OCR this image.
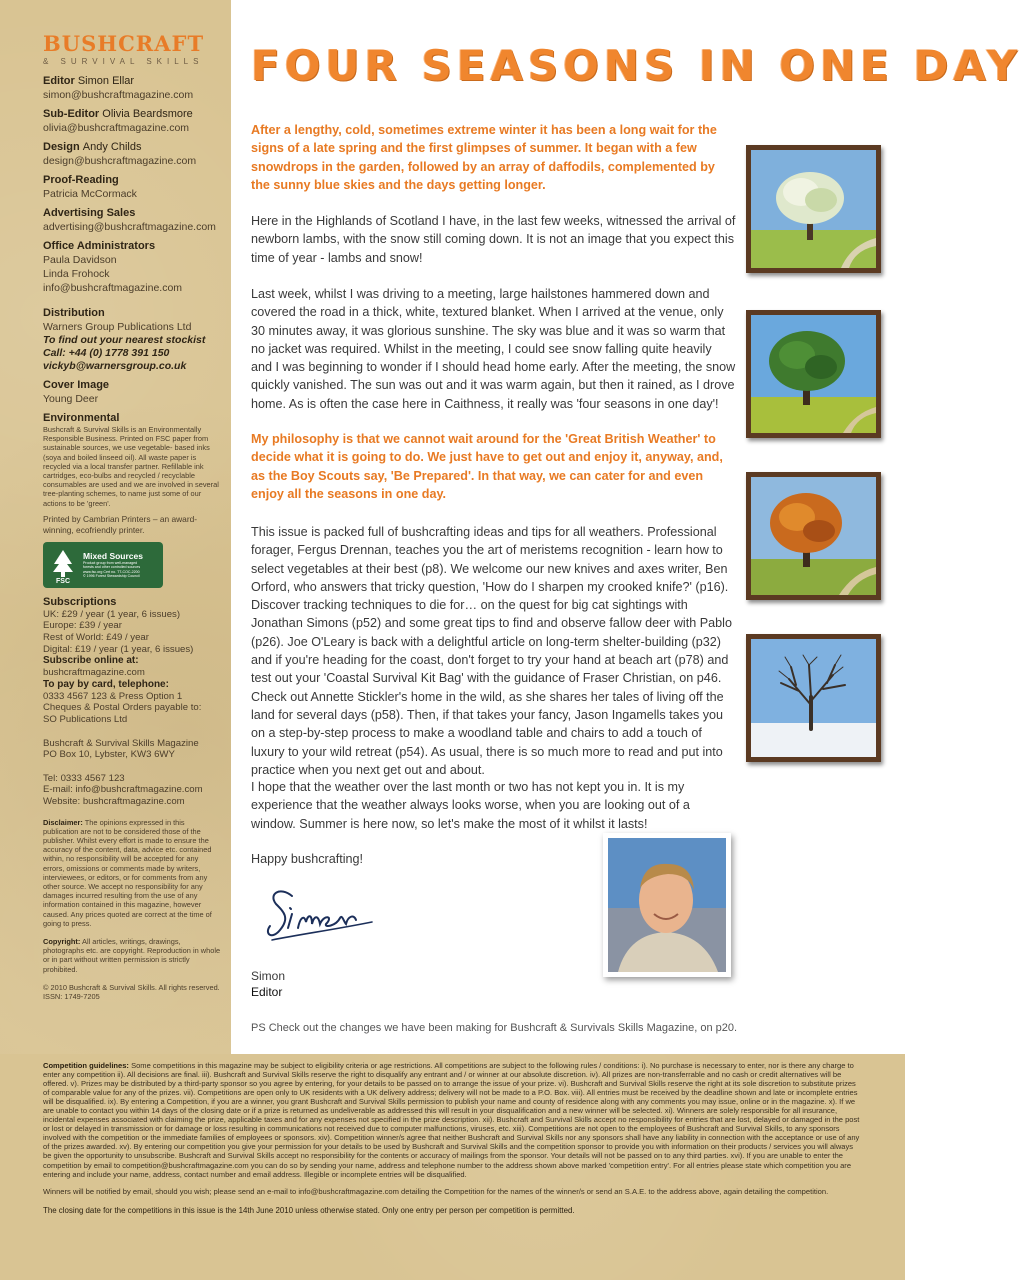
BUSHCRAFT
& SURVIVAL SKILLS
Editor Simon Ellar
simon@bushcraftmagazine.com
Sub-Editor Olivia Beardsmore
olivia@bushcraftmagazine.com
Design Andy Childs
design@bushcraftmagazine.com
Proof-Reading
Patricia McCormack
Advertising Sales
advertising@bushcraftmagazine.com
Office Administrators
Paula Davidson
Linda Frohock
info@bushcraftmagazine.com
Distribution
Warners Group Publications Ltd
To find out your nearest stockist
Call: +44 (0) 1778 391 150
vickyb@warnersgroup.co.uk
Cover Image
Young Deer
Environmental
Bushcraft & Survival Skills is an Environmentally Responsible Business. Printed on FSC paper from sustainable sources, we use vegetable- based inks (soya and boiled linseed oil). All waste paper is recycled via a local transfer partner. Refillable ink cartridges, eco-bulbs and recycled / recyclable consumables are used and we are involved in several tree-planting schemes, to name just some of our actions to be 'green'.
Printed by Cambrian Printers – an award-winning, ecofriendly printer.
FSC
Mixed Sources
Product group from well-managed
forests and other controlled sources
www.fsc.org Cert no. TT-COC-2200
© 1996 Forest Stewardship Council
Subscriptions
UK: £29 / year (1 year, 6 issues)
Europe: £39 / year
Rest of World: £49 / year
Digital: £19 / year (1 year, 6 issues)
Subscribe online at:
bushcraftmagazine.com
To pay by card, telephone:
0333 4567 123 & Press Option 1
Cheques & Postal Orders payable to:
SO Publications Ltd
Bushcraft & Survival Skills Magazine
PO Box 10, Lybster, KW3 6WY
Tel: 0333 4567 123
E-mail: info@bushcraftmagazine.com
Website: bushcraftmagazine.com
Disclaimer: The opinions expressed in this publication are not to be considered those of the publisher. Whilst every effort is made to ensure the accuracy of the content, data, advice etc. contained within, no responsibility will be accepted for any errors, omissions or comments made by writers, interviewees, or editors, or for comments from any other source. We accept no responsibility for any damages incurred resulting from the use of any information contained in this magazine, however caused. Any prices quoted are correct at the time of going to press.
Copyright: All articles, writings, drawings, photographs etc. are copyright. Reproduction in whole or in part without written permission is strictly prohibited.
© 2010 Bushcraft & Survival Skills. All rights reserved.
ISSN: 1749-7205
FOUR SEASONS IN ONE DAY
After a lengthy, cold, sometimes extreme winter it has been a long wait for the signs of a late spring and the first glimpses of summer. It began with a few snowdrops in the garden, followed by an array of daffodils, complemented by the sunny blue skies and the days getting longer.
Here in the Highlands of Scotland I have, in the last few weeks, witnessed the arrival of newborn lambs, with the snow still coming down. It is not an image that you expect this time of year - lambs and snow!
Last week, whilst I was driving to a meeting, large hailstones hammered down and covered the road in a thick, white, textured blanket. When I arrived at the venue, only 30 minutes away, it was glorious sunshine. The sky was blue and it was so warm that no jacket was required. Whilst in the meeting, I could see snow falling quite heavily and I was beginning to wonder if I should head home early. After the meeting, the snow quickly vanished. The sun was out and it was warm again, but then it rained, as I drove home. As is often the case here in Caithness, it really was 'four seasons in one day'!
My philosophy is that we cannot wait around for the 'Great British Weather' to decide what it is going to do. We just have to get out and enjoy it, anyway, and, as the Boy Scouts say, 'Be Prepared'. In that way, we can cater for and even enjoy all the seasons in one day.
This issue is packed full of bushcrafting ideas and tips for all weathers. Professional forager, Fergus Drennan, teaches you the art of meristems recognition - learn how to select vegetables at their best (p8). We welcome our new knives and axes writer, Ben Orford, who answers that tricky question, 'How do I sharpen my crooked knife?' (p16). Discover tracking techniques to die for… on the quest for big cat sightings with Jonathan Simons (p52) and some great tips to find and observe fallow deer with Pablo (p26). Joe O'Leary is back with a delightful article on long-term shelter-building (p32) and if you're heading for the coast, don't forget to try your hand at beach art (p78) and test out your 'Coastal Survival Kit Bag' with the guidance of Fraser Christian, on p46. Check out Annette Stickler's home in the wild, as she shares her tales of living off the land for several days (p58). Then, if that takes your fancy, Jason Ingamells takes you on a step-by-step process to make a woodland table and chairs to add a touch of luxury to your wild retreat (p54). As usual, there is so much more to read and put into practice when you next get out and about.
I hope that the weather over the last month or two has not kept you in. It is my experience that the weather always looks worse, when you are looking out of a window. Summer is here now, so let's make the most of it whilst it lasts!
Happy bushcrafting!
Simon
Editor
PS Check out the changes we have been making for Bushcraft & Survivals Skills Magazine, on p20.
Competition guidelines: Some competitions in this magazine may be subject to eligibility criteria or age restrictions. All competitions are subject to the following rules / conditions: i). No purchase is necessary to enter, nor is there any charge to enter any competition ii). All decisions are final. iii). Bushcraft and Survival Skills reserve the right to disqualify any entrant and / or winner at our absolute discretion. iv). All prizes are non-transferrable and no cash or credit alternatives will be offered. v). Prizes may be distributed by a third-party sponsor so you agree by entering, for your details to be passed on to arrange the issue of your prize. vi). Bushcraft and Survival Skills reserve the right at its sole discretion to substitute prizes of comparable value for any of the prizes. vii). Competitions are open only to UK residents with a UK delivery address; delivery will not be made to a P.O. Box. viii). All entries must be received by the deadline shown and late or incomplete entries will be disqualified. ix). By entering a Competition, if you are a winner, you grant Bushcraft and Survival Skills permission to publish your name and county of residence along with any comments you may issue, online or in the magazine. x). If we are unable to contact you within 14 days of the closing date or if a prize is returned as undeliverable as addressed this will result in your disqualification and a new winner will be selected. xi). Winners are solely responsible for all insurance, incidental expenses associated with claiming the prize, applicable taxes and for any expenses not specified in the prize description. xii). Bushcraft and Survival Skills accept no responsibility for entries that are lost, delayed or damaged in the post or lost or delayed in transmission or for damage or loss resulting in communications not received due to computer malfunctions, viruses, etc. xiii). Competitions are not open to the employees of Bushcraft and Survival Skills, to any sponsors involved with the competition or the immediate families of employees or sponsors. xiv). Competition winner/s agree that neither Bushcraft and Survival Skills nor any sponsors shall have any liability in connection with the acceptance or use of any of the prizes awarded. xv). By entering our competition you give your permission for your details to be used by Bushcraft and Survival Skills and the competition sponsor to provide you with information on their products / services you will always be given the opportunity to unsubscribe. Bushcraft and Survival Skills accept no responsibility for the contents or accuracy of mailings from the sponsor. Your details will not be passed on to any third parties. xvi). If you are unable to enter the competition by email to competition@bushcraftmagazine.com you can do so by sending your name, address and telephone number to the address shown above marked 'competition entry'. For all entries please state which competition you are entering and include your name, address, contact number and email address. Illegible or incomplete entries will be disqualified.
Winners will be notified by email, should you wish; please send an e-mail to info@bushcraftmagazine.com detailing the Competition for the names of the winner/s or send an S.A.E. to the address above, again detailing the competition.
The closing date for the competitions in this issue is the 14th June 2010 unless otherwise stated. Only one entry per person per competition is permitted.
